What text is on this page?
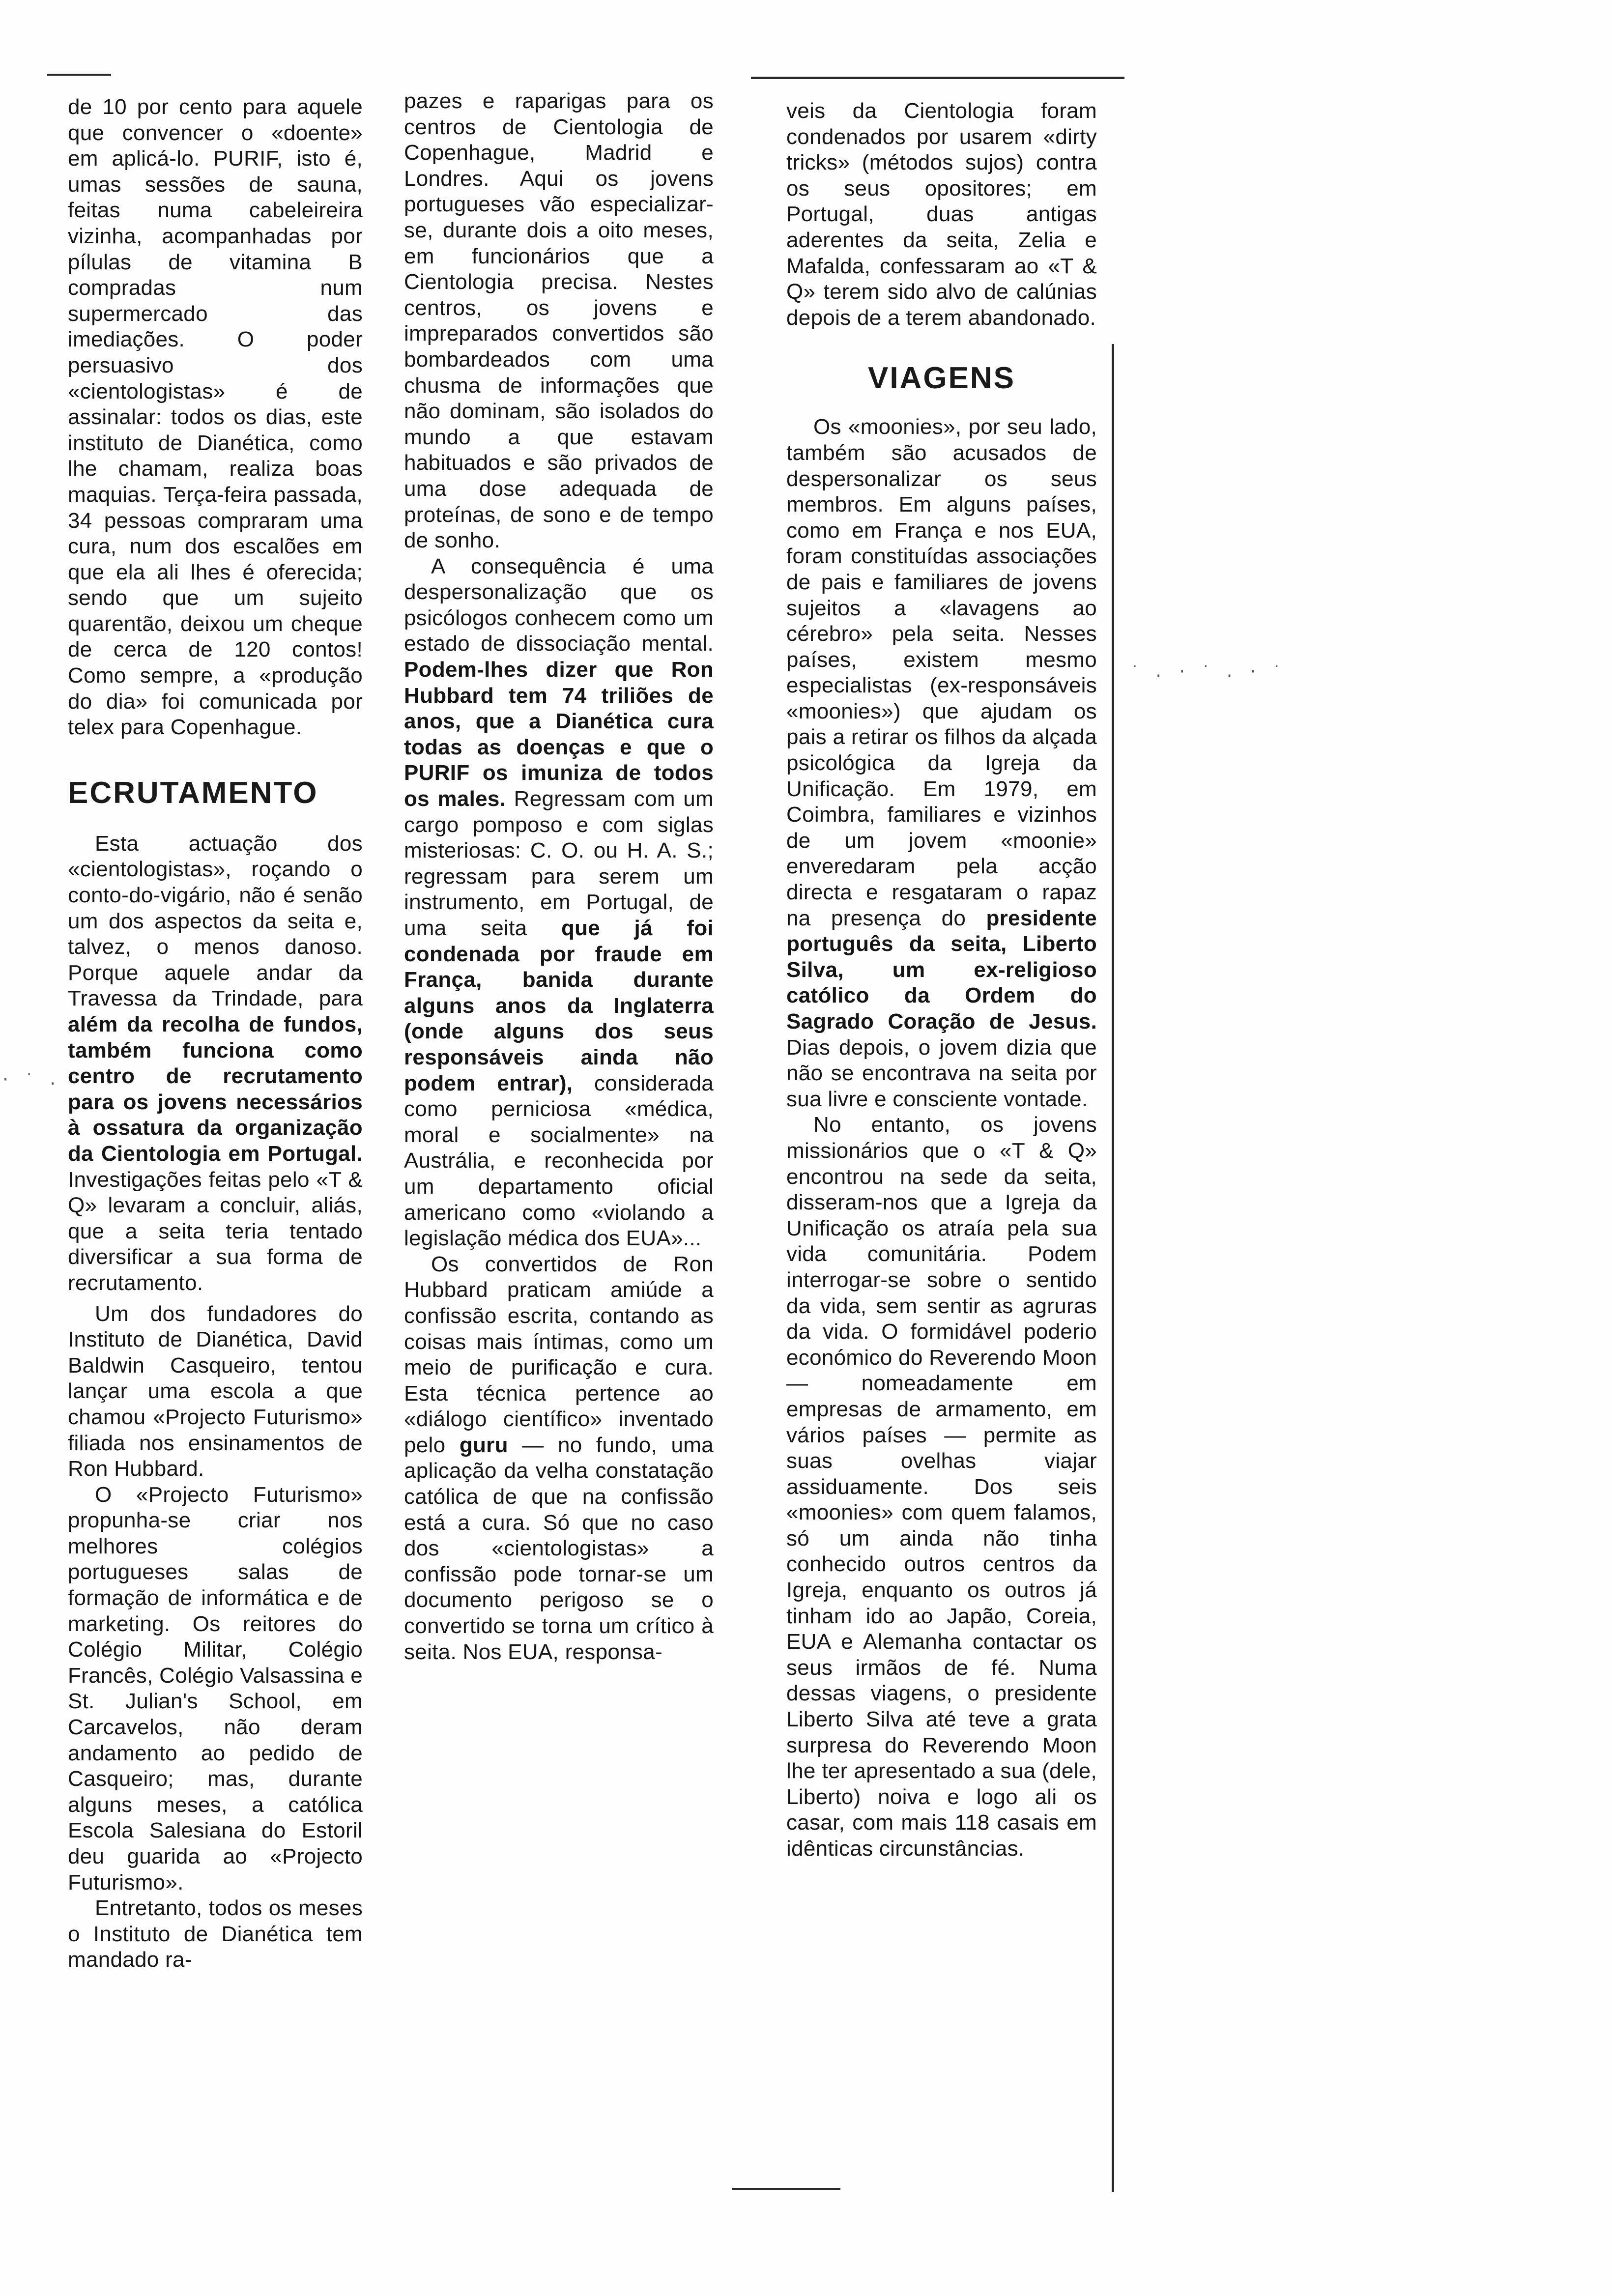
· ˙ . ·
˙ . · ˙ . · ˙

de 10 por cento para aquele que convencer o «doente» em aplicá-lo. PURIF, isto é, umas sessões de sauna, feitas numa cabeleireira vizinha, acompanhadas por pílulas de vitamina B compradas num supermercado das imediações. O poder persuasivo dos «cientologistas» é de assinalar: todos os dias, este instituto de Dianética, como lhe chamam, realiza boas maquias. Terça-feira passada, 34 pessoas compraram uma cura, num dos escalões em que ela ali lhes é oferecida; sendo que um sujeito quarentão, deixou um cheque de cerca de 120 contos! Como sempre, a «produção do dia» foi comunicada por telex para Copenhague.

ECRUTAMENTO

Esta actuação dos «cientologistas», roçando o conto-do-vigário, não é senão um dos aspectos da seita e, talvez, o menos danoso. Porque aquele andar da Travessa da Trindade, para além da recolha de fundos, também funciona como centro de recrutamento para os jovens necessários à ossatura da organização da Cientologia em Portugal. Investigações feitas pelo «T & Q» levaram a concluir, aliás, que a seita teria tentado diversificar a sua forma de recrutamento.

Um dos fundadores do Instituto de Dianética, David Baldwin Casqueiro, tentou lançar uma escola a que chamou «Projecto Futurismo» filiada nos ensinamentos de Ron Hubbard.

O «Projecto Futurismo» propunha-se criar nos melhores colégios portugueses salas de formação de informática e de marketing. Os reitores do Colégio Militar, Colégio Francês, Colégio Valsassina e St. Julian's School, em Carcavelos, não deram andamento ao pedido de Casqueiro; mas, durante alguns meses, a católica Escola Salesiana do Estoril deu guarida ao «Projecto Futurismo».

Entretanto, todos os meses o Instituto de Dianética tem mandado ra-

pazes e raparigas para os centros de Cientologia de Copenhague, Madrid e Londres. Aqui os jovens portugueses vão especializar-se, durante dois a oito meses, em funcionários que a Cientologia precisa. Nestes centros, os jovens e impreparados convertidos são bombardeados com uma chusma de informações que não dominam, são isolados do mundo a que estavam habituados e são privados de uma dose adequada de proteínas, de sono e de tempo de sonho.

A consequência é uma despersonalização que os psicólogos conhecem como um estado de dissociação mental. Podem-lhes dizer que Ron Hubbard tem 74 triliões de anos, que a Dianética cura todas as doenças e que o PURIF os imuniza de todos os males. Regressam com um cargo pomposo e com siglas misteriosas: C. O. ou H. A. S.; regressam para serem um instrumento, em Portugal, de uma seita que já foi condenada por fraude em França, banida durante alguns anos da Inglaterra (onde alguns dos seus responsáveis ainda não podem entrar), considerada como perniciosa «médica, moral e socialmente» na Austrália, e reconhecida por um departamento oficial americano como «violando a legislação médica dos EUA»...

Os convertidos de Ron Hubbard praticam amiúde a confissão escrita, contando as coisas mais íntimas, como um meio de purificação e cura. Esta técnica pertence ao «diálogo científico» inventado pelo guru — no fundo, uma aplicação da velha constatação católica de que na confissão está a cura. Só que no caso dos «cientologistas» a confissão pode tornar-se um documento perigoso se o convertido se torna um crítico à seita. Nos EUA, responsa-

veis da Cientologia foram condenados por usarem «dirty tricks» (métodos sujos) contra os seus opositores; em Portugal, duas antigas aderentes da seita, Zelia e Mafalda, confessaram ao «T & Q» terem sido alvo de calúnias depois de a terem abandonado.

VIAGENS

Os «moonies», por seu lado, também são acusados de despersonalizar os seus membros. Em alguns países, como em França e nos EUA, foram constituídas associações de pais e familiares de jovens sujeitos a «lavagens ao cérebro» pela seita. Nesses países, existem mesmo especialistas (ex-responsáveis «moonies») que ajudam os pais a retirar os filhos da alçada psicológica da Igreja da Unificação. Em 1979, em Coimbra, familiares e vizinhos de um jovem «moonie» enveredaram pela acção directa e resgataram o rapaz na presença do presidente português da seita, Liberto Silva, um ex-religioso católico da Ordem do Sagrado Coração de Jesus. Dias depois, o jovem dizia que não se encontrava na seita por sua livre e consciente vontade.

No entanto, os jovens missionários que o «T & Q» encontrou na sede da seita, disseram-nos que a Igreja da Unificação os atraía pela sua vida comunitária. Podem interrogar-se sobre o sentido da vida, sem sentir as agruras da vida. O formidável poderio económico do Reverendo Moon — nomeadamente em empresas de armamento, em vários países — permite as suas ovelhas viajar assiduamente. Dos seis «moonies» com quem falamos, só um ainda não tinha conhecido outros centros da Igreja, enquanto os outros já tinham ido ao Japão, Coreia, EUA e Alemanha contactar os seus irmãos de fé. Numa dessas viagens, o presidente Liberto Silva até teve a grata surpresa do Reverendo Moon lhe ter apresentado a sua (dele, Liberto) noiva e logo ali os casar, com mais 118 casais em idênticas circunstâncias.
